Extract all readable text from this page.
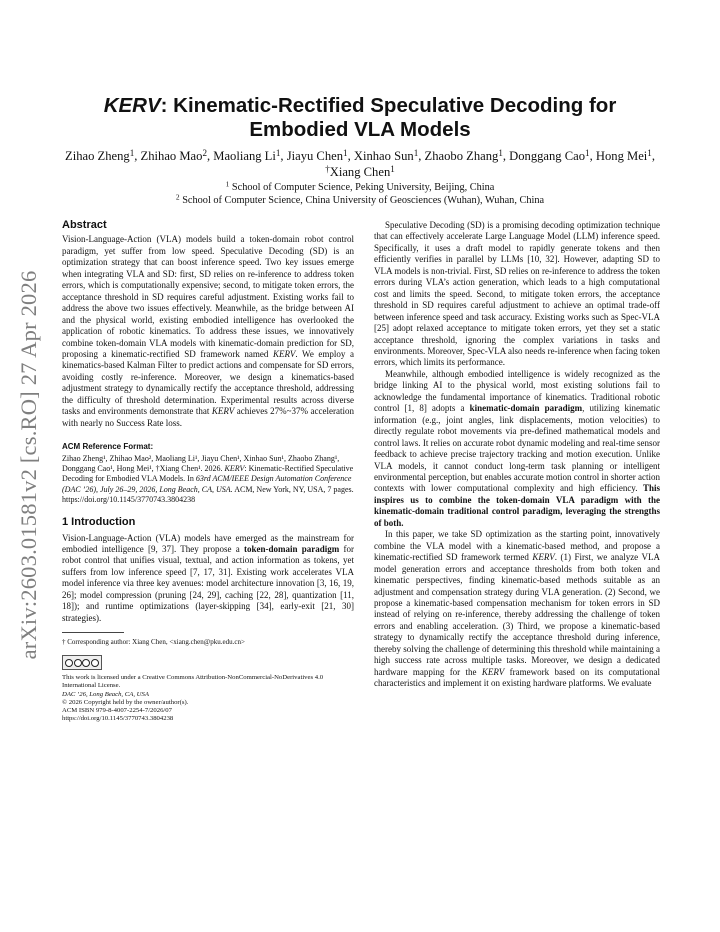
arXiv:2603.01581v2 [cs.RO] 27 Apr 2026
KERV: Kinematic-Rectified Speculative Decoding for Embodied VLA Models
Zihao Zheng$^1$, Zhihao Mao$^2$, Maoliang Li$^1$, Jiayu Chen$^1$, Xinhao Sun$^1$, Zhaobo Zhang$^1$, Donggang Cao$^1$, Hong Mei$^1$, †Xiang Chen$^1$
$^1$ School of Computer Science, Peking University, Beijing, China
$^2$ School of Computer Science, China University of Geosciences (Wuhan), Wuhan, China
Abstract

Vision-Language-Action (VLA) models build a token-domain robot control paradigm, yet suffer from low speed. Speculative Decoding (SD) is an optimization strategy that can boost inference speed. Two key issues emerge when integrating VLA and SD: first, SD relies on re-inference to address token errors, which is computationally expensive; second, to mitigate token errors, the acceptance threshold in SD requires careful adjustment. Existing works fail to address the above two issues effectively. Meanwhile, as the bridge between AI and the physical world, existing embodied intelligence has overlooked the application of robotic kinematics. To address these issues, we innovatively combine token-domain VLA models with kinematic-domain prediction for SD, proposing a kinematic-rectified SD framework named KERV. We employ a kinematics-based Kalman Filter to predict actions and compensate for SD errors, avoiding costly re-inference. Moreover, we design a kinematics-based adjustment strategy to dynamically rectify the acceptance threshold, addressing the difficulty of threshold determination. Experimental results across diverse tasks and environments demonstrate that KERV achieves 27%~37% acceleration with nearly no Success Rate loss.

ACM Reference Format:
Zihao Zheng¹, Zhihao Mao², Maoliang Li¹, Jiayu Chen¹, Xinhao Sun¹, Zhaobo Zhang¹, Donggang Cao¹, Hong Mei¹, †Xiang Chen¹. 2026. KERV: Kinematic-Rectified Speculative Decoding for Embodied VLA Models. In 63rd ACM/IEEE Design Automation Conference (DAC ’26), July 26–29, 2026, Long Beach, CA, USA. ACM, New York, NY, USA, 7 pages. https://doi.org/10.1145/3770743.3804238
1 Introduction

Vision-Language-Action (VLA) models have emerged as the mainstream for embodied intelligence [9, 37]. They propose a token-domain paradigm for robot control that unifies visual, textual, and action information as tokens, yet suffers from low inference speed [7, 17, 31]. Existing work accelerates VLA model inference via three key avenues: model architecture innovation [3, 16, 19, 26]; model compression (pruning [24, 29], caching [22, 28], quantization [11, 18]); and runtime optimizations (layer-skipping [34], early-exit [21, 30] strategies).

† Corresponding author: Xiang Chen, <xiang.chen@pku.edu.cn>
This work is licensed under a Creative Commons Attribution-NonCommercial-NoDerivatives 4.0 International License.
DAC ’26, Long Beach, CA, USA
© 2026 Copyright held by the owner/author(s).
ACM ISBN 979-8-4007-2254-7/2026/07
https://doi.org/10.1145/3770743.3804238

Speculative Decoding (SD) is a promising decoding optimization technique that can effectively accelerate Large Language Model (LLM) inference speed. Specifically, it uses a draft model to rapidly generate tokens and then efficiently verifies in parallel by LLMs [10, 32]. However, adapting SD to VLA models is non-trivial. First, SD relies on re-inference to address the token errors during VLA’s action generation, which leads to a high computational cost and limits the speed. Second, to mitigate token errors, the acceptance threshold in SD requires careful adjustment to achieve an optimal trade-off between inference speed and task accuracy. Existing works such as Spec-VLA [25] adopt relaxed acceptance to mitigate token errors, yet they set a static acceptance threshold, ignoring the complex variations in tasks and environments. Moreover, Spec-VLA also needs re-inference when facing token errors, which limits its performance.

Meanwhile, although embodied intelligence is widely recognized as the bridge linking AI to the physical world, most existing solutions fail to acknowledge the fundamental importance of kinematics. Traditional robotic control [1, 8] adopts a kinematic-domain paradigm, utilizing kinematic information (e.g., joint angles, link displacements, motion velocities) to directly regulate robot movements via pre-defined mathematical models and control laws. It relies on accurate robot dynamic modeling and real-time sensor feedback to achieve precise trajectory tracking and motion execution. Unlike VLA models, it cannot conduct long-term task planning or intelligent environmental perception, but enables accurate motion control in shorter action contexts with lower computational complexity and high efficiency. This inspires us to combine the token-domain VLA paradigm with the kinematic-domain traditional control paradigm, leveraging the strengths of both.

In this paper, we take SD optimization as the starting point, innovatively combine the VLA model with a kinematic-based method, and propose a kinematic-rectified SD framework termed KERV. (1) First, we analyze VLA model generation errors and acceptance thresholds from both token and kinematic perspectives, finding kinematic-based methods suitable as an adjustment and compensation strategy during VLA generation. (2) Second, we propose a kinematic-based compensation mechanism for token errors in SD instead of relying on re-inference, thereby addressing the challenge of token errors and enabling acceleration. (3) Third, we propose a kinematic-based strategy to dynamically rectify the acceptance threshold during inference, thereby solving the challenge of determining this threshold while maintaining a high success rate across multiple tasks. Moreover, we design a dedicated hardware mapping for the KERV framework based on its computational characteristics and implement it on existing hardware platforms. We evaluate
